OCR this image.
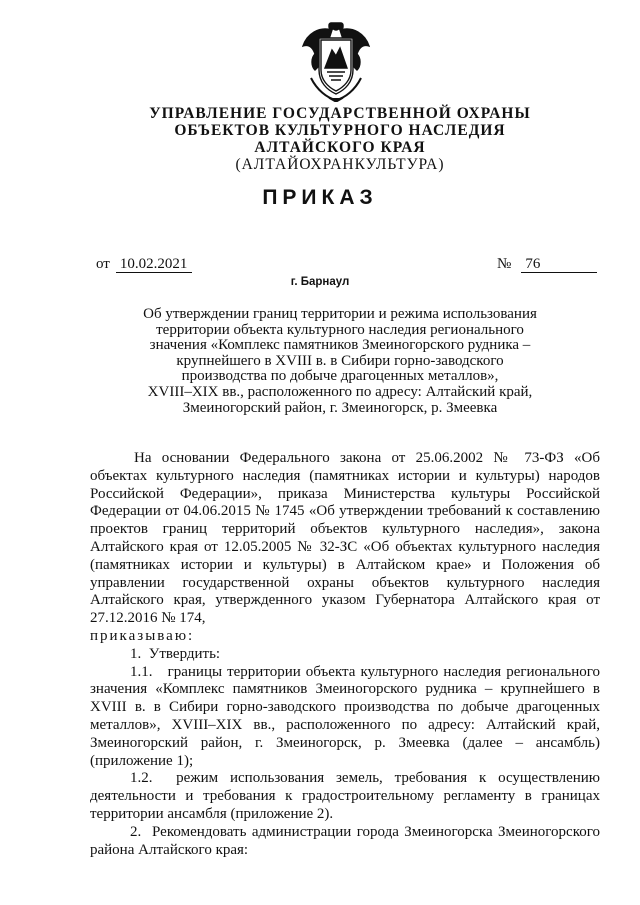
УПРАВЛЕНИЕ ГОСУДАРСТВЕННОЙ ОХРАНЫ
ОБЪЕКТОВ КУЛЬТУРНОГО НАСЛЕДИЯ
АЛТАЙСКОГО КРАЯ
(АЛТАЙОХРАНКУЛЬТУРА)
ПРИКАЗ
от 10.02.2021	№ 76
г. Барнаул
Об утверждении границ территории и режима использования
территории объекта культурного наследия регионального
значения «Комплекс памятников Змеиногорского рудника –
крупнейшего в XVIII в. в Сибири горно-заводского
производства по добыче драгоценных металлов»,
XVIII–XIX вв., расположенного по адресу: Алтайский край,
Змеиногорский район, г. Змеиногорск, р. Змеевка

На основании Федерального закона от 25.06.2002 № 73-ФЗ «Об объектах культурного наследия (памятниках истории и культуры) народов Российской Федерации», приказа Министерства культуры Российской Федерации от 04.06.2015 № 1745 «Об утверждении требований к составлению проектов границ территорий объектов культурного наследия», закона Алтайского края от 12.05.2005 № 32-ЗС «Об объектах культурного наследия (памятниках истории и культуры) в Алтайском крае» и Положения об управлении государственной охраны объектов культурного наследия Алтайского края, утвержденного указом Губернатора Алтайского края от 27.12.2016 № 174,

приказываю:

1.  Утвердить:

1.1.   границы территории объекта культурного наследия регионального значения «Комплекс памятников Змеиногорского рудника – крупнейшего в XVIII в. в Сибири горно-заводского производства по добыче драгоценных металлов», XVIII–XIX вв., расположенного по адресу: Алтайский край, Змеиногорский район, г. Змеиногорск, р. Змеевка (далее – ансамбль) (приложение 1);

1.2.  режим использования земель, требования к осуществлению деятельности и требования к градостроительному регламенту в границах территории ансамбля (приложение 2).

2.  Рекомендовать администрации города Змеиногорска Змеиногорского района Алтайского края:
